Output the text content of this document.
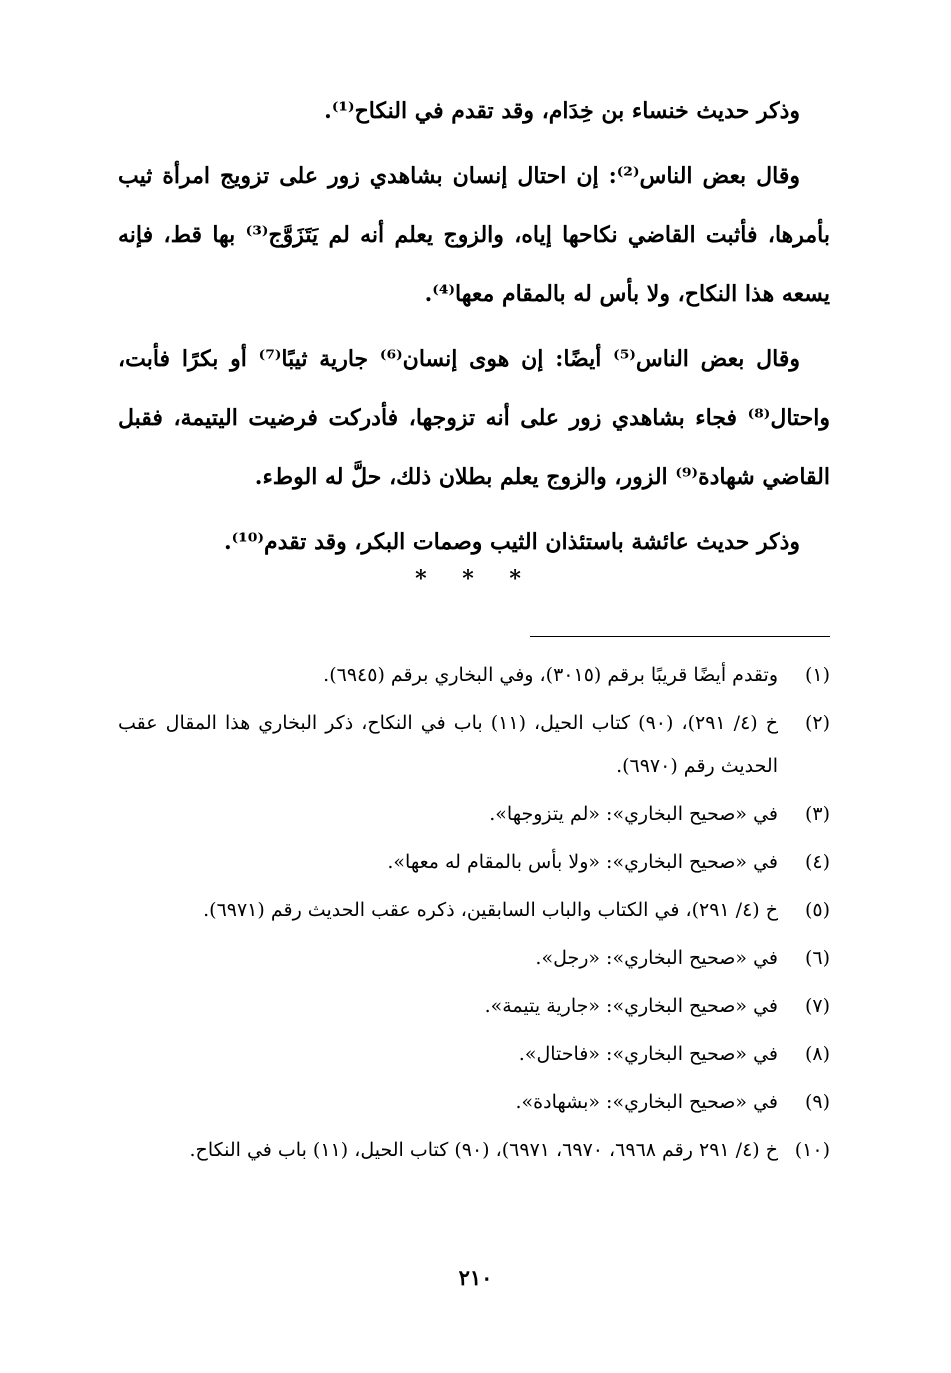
وذكر حديث خنساء بن خِدَام، وقد تقدم في النكاح⁽¹⁾.

وقال بعض الناس⁽²⁾: إن احتال إنسان بشاهدي زور على تزويج امرأة ثيب بأمرها، فأثبت القاضي نكاحها إياه، والزوج يعلم أنه لم يَتَزَوَّج⁽³⁾ بها قط، فإنه يسعه هذا النكاح، ولا بأس له بالمقام معها⁽⁴⁾.

وقال بعض الناس⁽⁵⁾ أيضًا: إن هوى إنسان⁽⁶⁾ جارية ثيبًا⁽⁷⁾ أو بكرًا فأبت، واحتال⁽⁸⁾ فجاء بشاهدي زور على أنه تزوجها، فأدركت فرضيت اليتيمة، فقبل القاضي شهادة⁽⁹⁾ الزور، والزوج يعلم بطلان ذلك، حلَّ له الوطء.

وذكر حديث عائشة باستئذان الثيب وصمات البكر، وقد تقدم⁽¹⁰⁾.

* * *
(١)
وتقدم أيضًا قريبًا برقم (٣٠١٥)، وفي البخاري برقم (٦٩٤٥).
(٢)
خ (٤/ ٢٩١)، (٩٠) كتاب الحيل، (١١) باب في النكاح، ذكر البخاري هذا المقال عقب الحديث رقم (٦٩٧٠).
(٣)
في «صحيح البخاري»: «لم يتزوجها».
(٤)
في «صحيح البخاري»: «ولا بأس بالمقام له معها».
(٥)
خ (٤/ ٢٩١)، في الكتاب والباب السابقين، ذكره عقب الحديث رقم (٦٩٧١).
(٦)
في «صحيح البخاري»: «رجل».
(٧)
في «صحيح البخاري»: «جارية يتيمة».
(٨)
في «صحيح البخاري»: «فاحتال».
(٩)
في «صحيح البخاري»: «بشهادة».
(١٠)
خ (٤/ ٢٩١ رقم ٦٩٦٨، ٦٩٧٠، ٦٩٧١)، (٩٠) كتاب الحيل، (١١) باب في النكاح.
٢١٠
